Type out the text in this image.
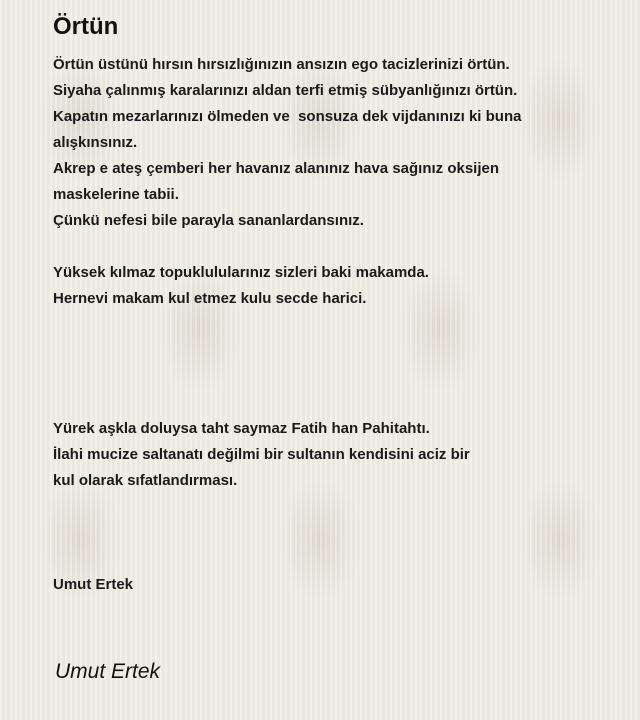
Örtün
Örtün üstünü hırsın hırsızlığınızın ansızın ego tacizlerinizi örtün.
Siyaha çalınmış karalarınızı aldan terfi etmiş sübyanlığınızı örtün.
Kapatın mezarlarınızı ölmeden ve  sonsuza dek vijdanınızı ki buna
alışkınsınız.
Akrep e ateş çemberi her havanız alanınız hava sağınız oksijen
maskelerine tabii.
Çünkü nefesi bile parayla sananlardansınız.
Yüksek kılmaz topuklulularınız sizleri baki makamda.
Hernevi makam kul etmez kulu secde harici.
Yürek aşkla doluysa taht saymaz Fatih han Pahitahtı.
İlahi mucize saltanatı değilmi bir sultanın kendisini aciz bir
kul olarak sıfatlandırması.
Umut Ertek
Umut Ertek
